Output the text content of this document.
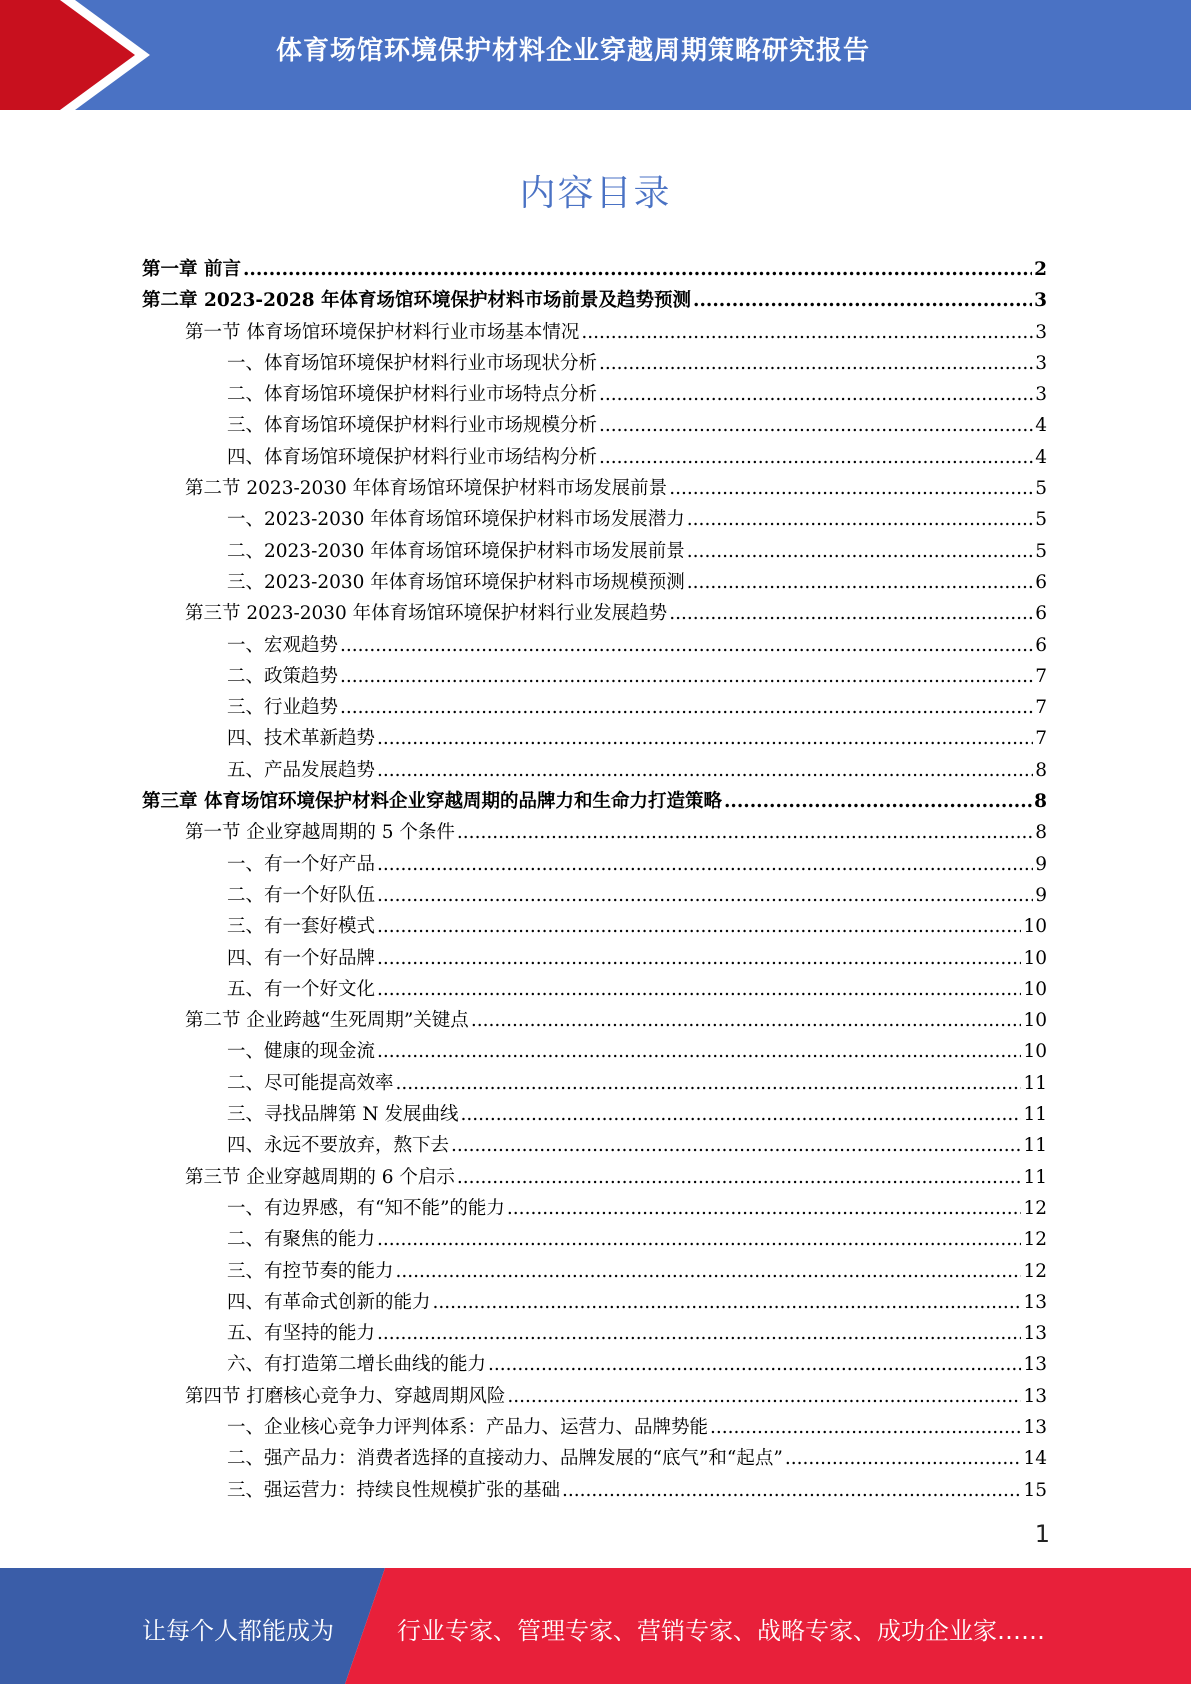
体育场馆环境保护材料企业穿越周期策略研究报告
内容目录
第一章 前言 .....	2
第二章 2023-2028 年体育场馆环境保护材料市场前景及趋势预测 .....	3
第一节 体育场馆环境保护材料行业市场基本情况 .....	3
一、体育场馆环境保护材料行业市场现状分析 .....	3
二、体育场馆环境保护材料行业市场特点分析 .....	3
三、体育场馆环境保护材料行业市场规模分析 .....	4
四、体育场馆环境保护材料行业市场结构分析 .....	4
第二节 2023-2030 年体育场馆环境保护材料市场发展前景 .....	5
一、2023-2030 年体育场馆环境保护材料市场发展潜力 .....	5
二、2023-2030 年体育场馆环境保护材料市场发展前景 .....	5
三、2023-2030 年体育场馆环境保护材料市场规模预测 .....	6
第三节 2023-2030 年体育场馆环境保护材料行业发展趋势 .....	6
一、宏观趋势 .....	6
二、政策趋势 .....	7
三、行业趋势 .....	7
四、技术革新趋势 .....	7
五、产品发展趋势 .....	8
第三章 体育场馆环境保护材料企业穿越周期的品牌力和生命力打造策略 .....	8
第一节 企业穿越周期的 5 个条件 .....	8
一、有一个好产品 .....	9
二、有一个好队伍 .....	9
三、有一套好模式 .....	10
四、有一个好品牌 .....	10
五、有一个好文化 .....	10
第二节 企业跨越“生死周期”关键点 .....	10
一、健康的现金流 .....	10
二、尽可能提高效率 .....	11
三、寻找品牌第 N 发展曲线 .....	11
四、永远不要放弃，熬下去 .....	11
第三节 企业穿越周期的 6 个启示 .....	11
一、有边界感，有“知不能”的能力 .....	12
二、有聚焦的能力 .....	12
三、有控节奏的能力 .....	12
四、有革命式创新的能力 .....	13
五、有坚持的能力 .....	13
六、有打造第二增长曲线的能力 .....	13
第四节 打磨核心竞争力、穿越周期风险 .....	13
一、企业核心竞争力评判体系：产品力、运营力、品牌势能 .....	13
二、强产品力：消费者选择的直接动力、品牌发展的“底气”和“起点” .....	14
三、强运营力：持续良性规模扩张的基础 .....	15
1
让每个人都能成为	行业专家、管理专家、营销专家、战略专家、成功企业家……
